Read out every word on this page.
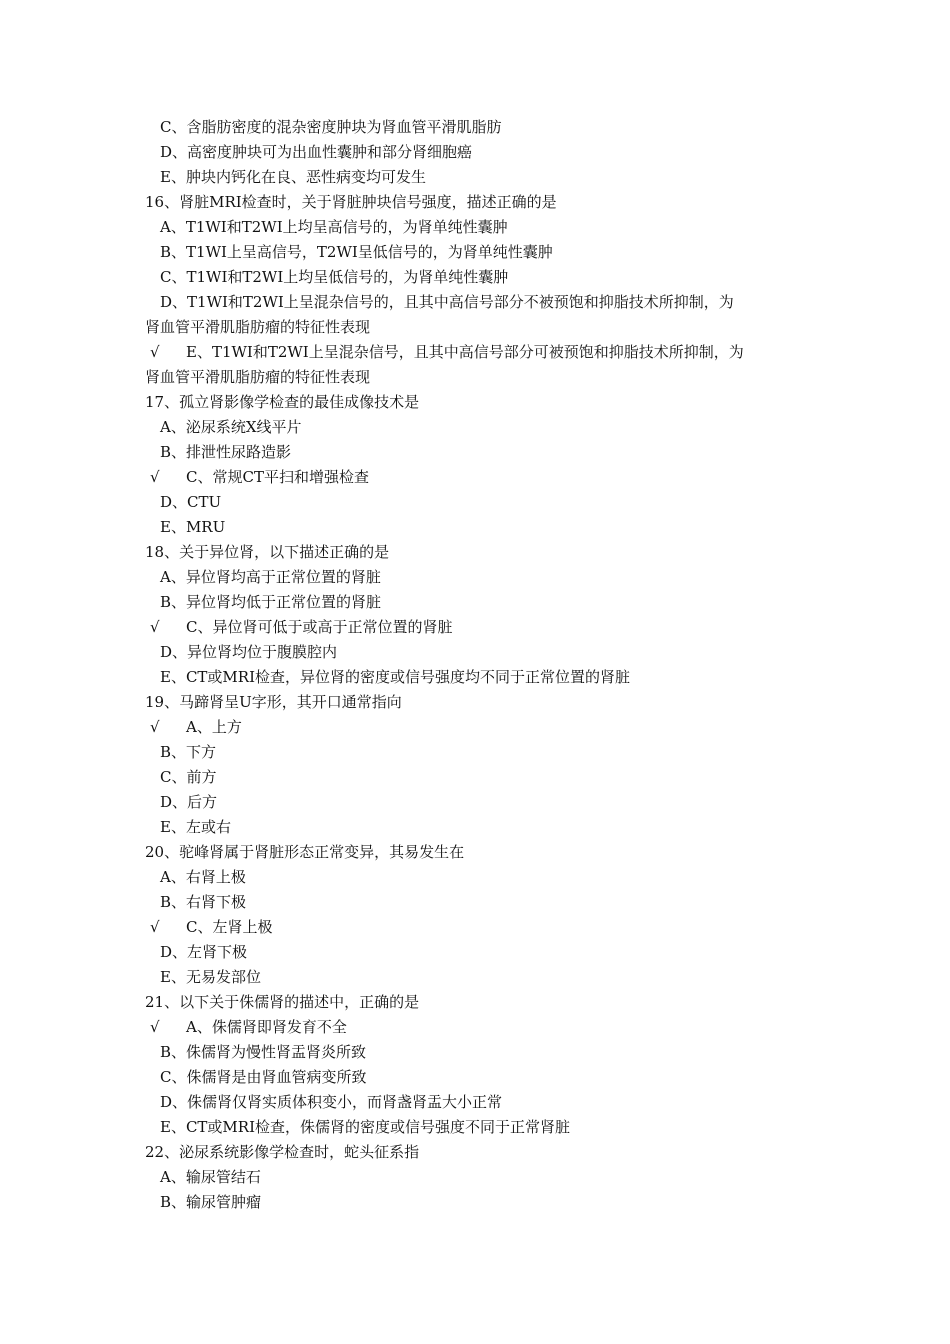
C、含脂肪密度的混杂密度肿块为肾血管平滑肌脂肪
D、高密度肿块可为出血性囊肿和部分肾细胞癌
E、肿块内钙化在良、恶性病变均可发生
16、肾脏MRI检查时，关于肾脏肿块信号强度，描述正确的是
A、T1WI和T2WI上均呈高信号的，为肾单纯性囊肿
B、T1WI上呈高信号，T2WI呈低信号的，为肾单纯性囊肿
C、T1WI和T2WI上均呈低信号的，为肾单纯性囊肿
D、T1WI和T2WI上呈混杂信号的，且其中高信号部分不被预饱和抑脂技术所抑制，为
肾血管平滑肌脂肪瘤的特征性表现
√ E、T1WI和T2WI上呈混杂信号，且其中高信号部分可被预饱和抑脂技术所抑制，为
肾血管平滑肌脂肪瘤的特征性表现
17、孤立肾影像学检查的最佳成像技术是
A、泌尿系统X线平片
B、排泄性尿路造影
√ C、常规CT平扫和增强检查
D、CTU
E、MRU
18、关于异位肾，以下描述正确的是
A、异位肾均高于正常位置的肾脏
B、异位肾均低于正常位置的肾脏
√ C、异位肾可低于或高于正常位置的肾脏
D、异位肾均位于腹膜腔内
E、CT或MRI检查，异位肾的密度或信号强度均不同于正常位置的肾脏
19、马蹄肾呈U字形，其开口通常指向
√ A、上方
B、下方
C、前方
D、后方
E、左或右
20、驼峰肾属于肾脏形态正常变异，其易发生在
A、右肾上极
B、右肾下极
√ C、左肾上极
D、左肾下极
E、无易发部位
21、以下关于侏儒肾的描述中，正确的是
√ A、侏儒肾即肾发育不全
B、侏儒肾为慢性肾盂肾炎所致
C、侏儒肾是由肾血管病变所致
D、侏儒肾仅肾实质体积变小，而肾盏肾盂大小正常
E、CT或MRI检查，侏儒肾的密度或信号强度不同于正常肾脏
22、泌尿系统影像学检查时，蛇头征系指
A、输尿管结石
B、输尿管肿瘤
